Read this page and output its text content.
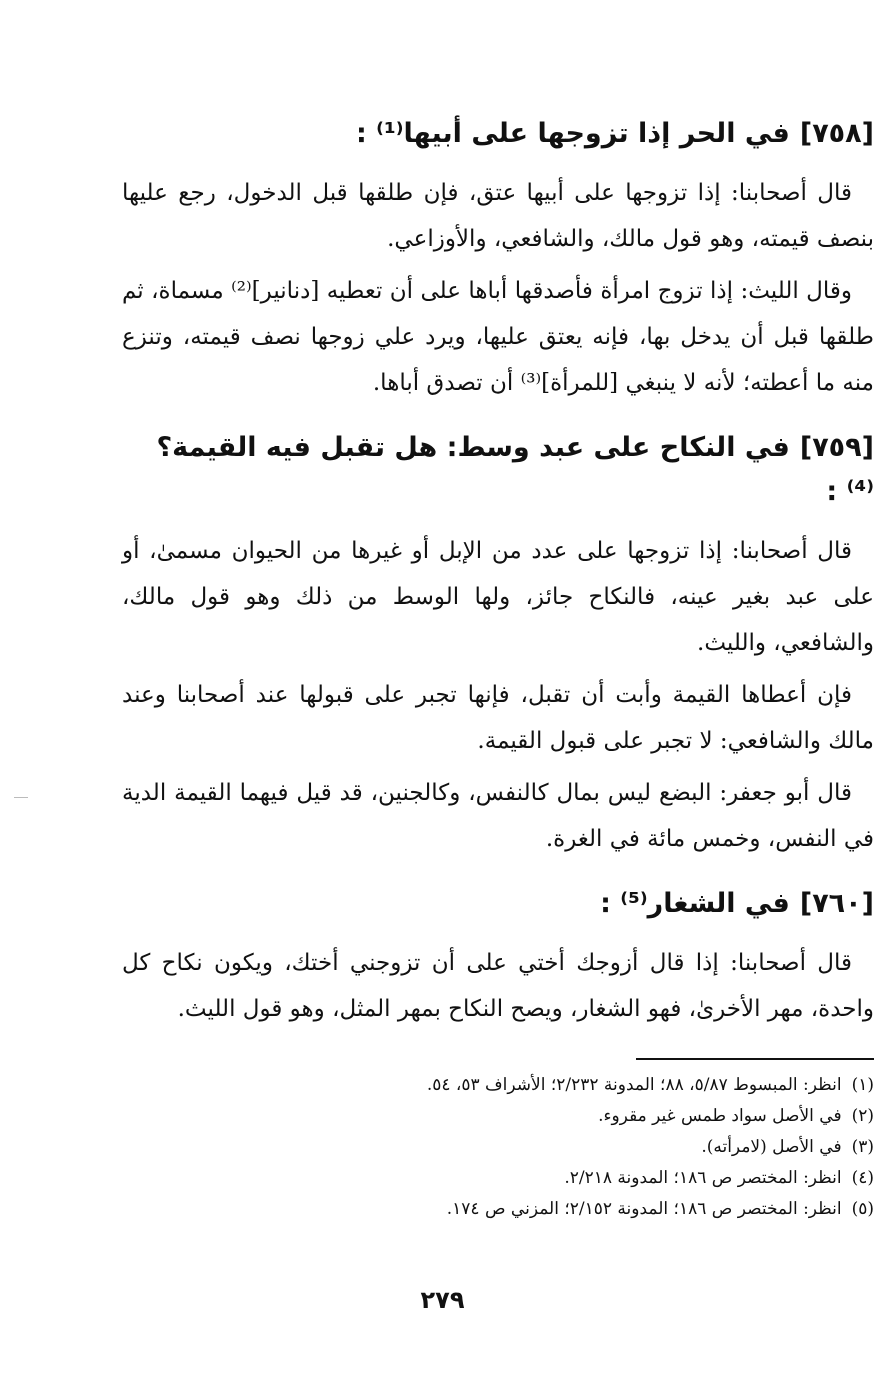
[٧٥٨]في الحر إذا تزوجها على أبيها⁽¹⁾ :

قال أصحابنا: إذا تزوجها على أبيها عتق، فإن طلقها قبل الدخول، رجع عليها بنصف قيمته، وهو قول مالك، والشافعي، والأوزاعي.

وقال الليث: إذا تزوج امرأة فأصدقها أباها على أن تعطيه [دنانير]⁽²⁾ مسماة، ثم طلقها قبل أن يدخل بها، فإنه يعتق عليها، ويرد علي زوجها نصف قيمته، وتنزع منه ما أعطته؛ لأنه لا ينبغي [للمرأة]⁽³⁾ أن تصدق أباها.

[٧٥٩]في النكاح على عبد وسط: هل تقبل فيه القيمة؟ ⁽⁴⁾ :

قال أصحابنا: إذا تزوجها على عدد من الإبل أو غيرها من الحيوان مسمىٰ، أو على عبد بغير عينه، فالنكاح جائز، ولها الوسط من ذلك وهو قول مالك، والشافعي، والليث.

فإن أعطاها القيمة وأبت أن تقبل، فإنها تجبر على قبولها عند أصحابنا وعند مالك والشافعي: لا تجبر على قبول القيمة.

قال أبو جعفر: البضع ليس بمال كالنفس، وكالجنين، قد قيل فيهما القيمة الدية في النفس، وخمس مائة في الغرة.

[٧٦٠]في الشغار⁽⁵⁾ :

قال أصحابنا: إذا قال أزوجك أختي على أن تزوجني أختك، ويكون نكاح كل واحدة، مهر الأخرىٰ، فهو الشغار، ويصح النكاح بمهر المثل، وهو قول الليث.

(١)انظر: المبسوط ٥/٨٧، ٨٨؛ المدونة ٢/٢٣٢؛ الأشراف ٥٣، ٥٤.
(٢)في الأصل سواد طمس غير مقروء.
(٣)في الأصل (لامرأته).
(٤)انظر: المختصر ص ١٨٦؛ المدونة ٢/٢١٨.
(٥)انظر: المختصر ص ١٨٦؛ المدونة ٢/١٥٢؛ المزني ص ١٧٤.
٢٧٩
